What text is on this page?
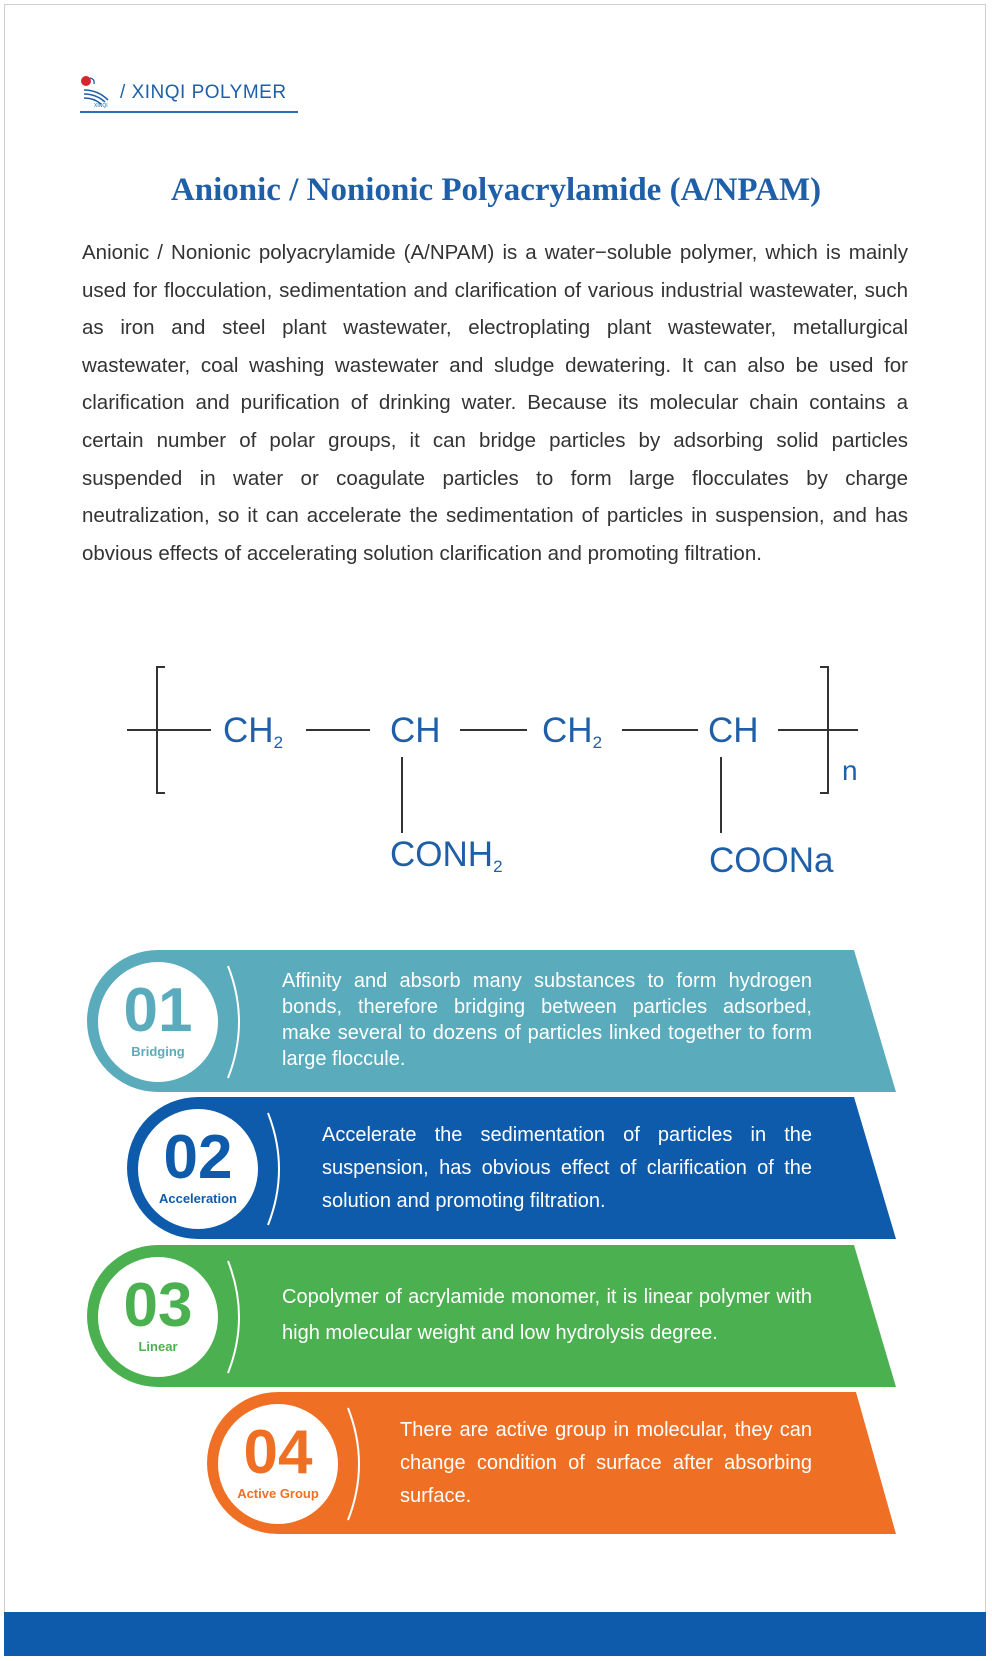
XINQI
/ XINQI POLYMER
Anionic / Nonionic Polyacrylamide (A/NPAM)

Anionic / Nonionic polyacrylamide (A/NPAM) is a water−soluble polymer, which is mainly used for flocculation, sedimentation and clarification of various industrial wastewater, such as iron and steel plant wastewater, electroplating plant wastewater, metallurgical wastewater, coal washing wastewater and sludge dewatering. It can also be used for clarification and purification of drinking water. Because its molecular chain contains a certain number of polar groups, it can bridge particles by adsorbing solid particles suspended in water or coagulate particles to form large flocculates by charge neutralization, so it can accelerate the sedimentation of particles in suspension, and has obvious effects of accelerating solution clarification and promoting filtration.

$CH_2$	CH	$CH_2$	CH
$CONH_2$	COONa
n
01
Bridging

Affinity and absorb many substances to form hydrogen bonds, therefore bridging between particles adsorbed, make several to dozens of particles linked together to form large floccule.

02
Acceleration

Accelerate the sedimentation of particles in the suspension, has obvious effect of clarification of the solution and promoting filtration.

03
Linear

Copolymer of acrylamide monomer, it is linear polymer with high molecular weight and low hydrolysis degree.

04
Active Group

There are active group in molecular, they can change condition of surface after absorbing surface.
